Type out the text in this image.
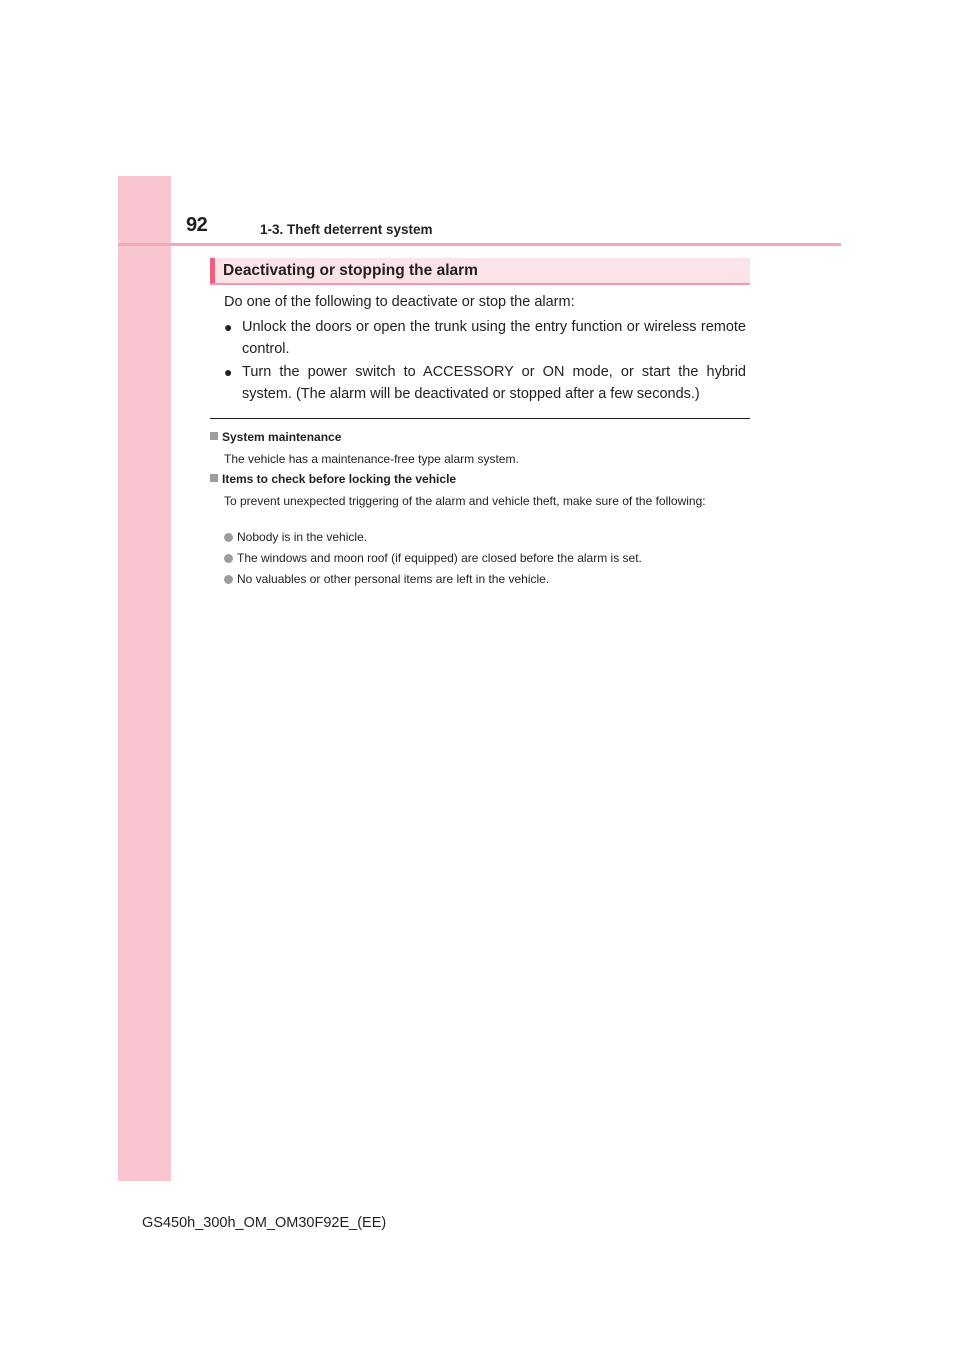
92	1-3. Theft deterrent system
Deactivating or stopping the alarm
Do one of the following to deactivate or stop the alarm:
● Unlock the doors or open the trunk using the entry function or wireless remote control.
● Turn the power switch to ACCESSORY or ON mode, or start the hybrid system. (The alarm will be deactivated or stopped after a few seconds.)
System maintenance
The vehicle has a maintenance-free type alarm system.
Items to check before locking the vehicle
To prevent unexpected triggering of the alarm and vehicle theft, make sure of the following:
Nobody is in the vehicle.
The windows and moon roof (if equipped) are closed before the alarm is set.
No valuables or other personal items are left in the vehicle.
GS450h_300h_OM_OM30F92E_(EE)
